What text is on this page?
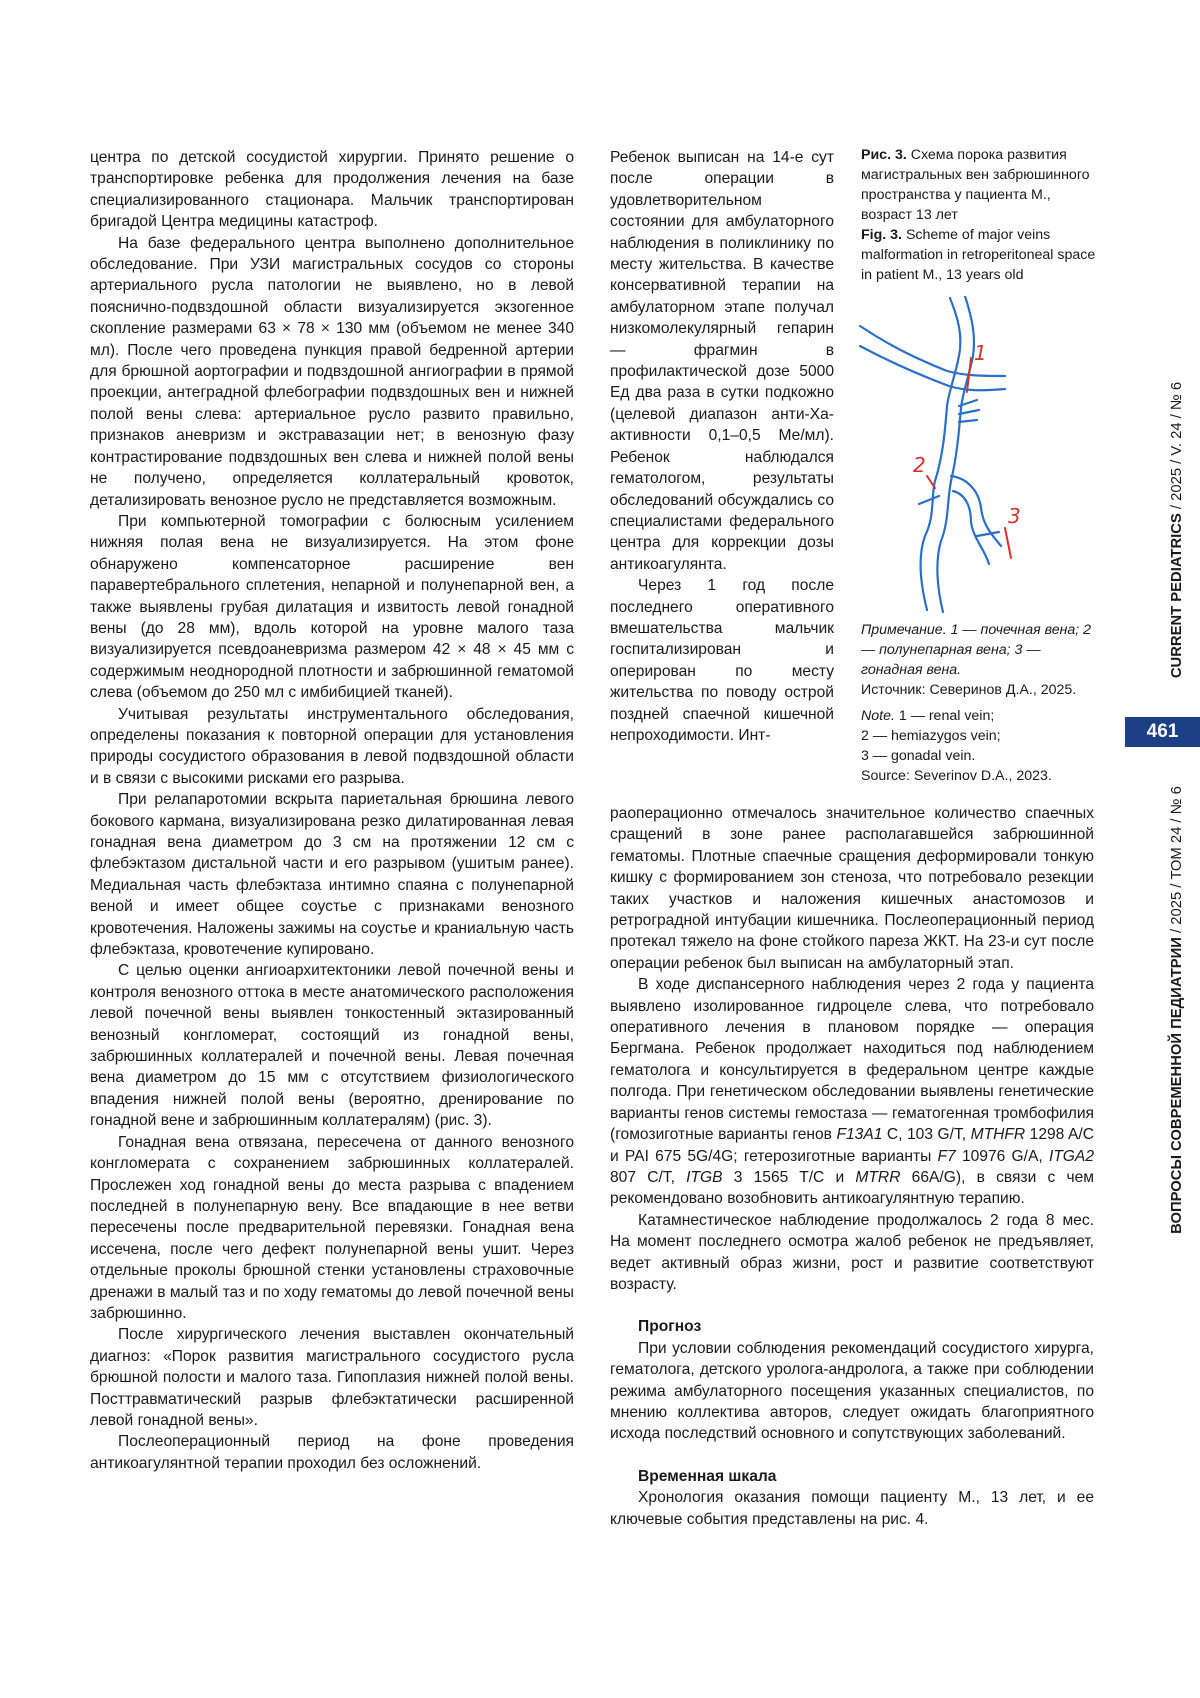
центра по детской сосудистой хирургии. Принято решение о транспортировке ребенка для продолжения лечения на базе специализированного стационара. Мальчик транспортирован бригадой Центра медицины катастроф.

На базе федерального центра выполнено дополнительное обследование. При УЗИ магистральных сосудов со стороны артериального русла патологии не выявлено, но в левой пояснично-подвздошной области визуализируется экзогенное скопление размерами 63 × 78 × 130 мм (объемом не менее 340 мл). После чего проведена пункция правой бедренной артерии для брюшной аортографии и подвздошной ангиографии в прямой проекции, антеградной флебографии подвздошных вен и нижней полой вены слева: артериальное русло развито правильно, признаков аневризм и экстравазации нет; в венозную фазу контрастирование подвздошных вен слева и нижней полой вены не получено, определяется коллатеральный кровоток, детализировать венозное русло не представляется возможным.

При компьютерной томографии с болюсным усилением нижняя полая вена не визуализируется. На этом фоне обнаружено компенсаторное расширение вен паравертебрального сплетения, непарной и полунепарной вен, а также выявлены грубая дилатация и извитость левой гонадной вены (до 28 мм), вдоль которой на уровне малого таза визуализируется псевдоаневризма размером 42 × 48 × 45 мм с содержимым неоднородной плотности и забрюшинной гематомой слева (объемом до 250 мл с имбибицией тканей).

Учитывая результаты инструментального обследования, определены показания к повторной операции для установления природы сосудистого образования в левой подвздошной области и в связи с высокими рисками его разрыва.

При релапаротомии вскрыта париетальная брюшина левого бокового кармана, визуализирована резко дилатированная левая гонадная вена диаметром до 3 см на протяжении 12 см с флебэктазом дистальной части и его разрывом (ушитым ранее). Медиальная часть флебэктаза интимно спаяна с полунепарной веной и имеет общее соустье с признаками венозного кровотечения. Наложены зажимы на соустье и краниальную часть флебэктаза, кровотечение купировано.

С целью оценки ангиоархитектоники левой почечной вены и контроля венозного оттока в месте анатомического расположения левой почечной вены выявлен тонкостенный эктазированный венозный конгломерат, состоящий из гонадной вены, забрюшинных коллатералей и почечной вены. Левая почечная вена диаметром до 15 мм с отсутствием физиологического впадения нижней полой вены (вероятно, дренирование по гонадной вене и забрюшинным коллатералям) (рис. 3).

Гонадная вена отвязана, пересечена от данного венозного конгломерата с сохранением забрюшинных коллатералей. Прослежен ход гонадной вены до места разрыва с впадением последней в полунепарную вену. Все впадающие в нее ветви пересечены после предварительной перевязки. Гонадная вена иссечена, после чего дефект полунепарной вены ушит. Через отдельные проколы брюшной стенки установлены страховочные дренажи в малый таз и по ходу гематомы до левой почечной вены забрюшинно.

После хирургического лечения выставлен окончательный диагноз: «Порок развития магистрального сосудистого русла брюшной полости и малого таза. Гипоплазия нижней полой вены. Посттравматический разрыв флебэктатически расширенной левой гонадной вены».

Послеоперационный период на фоне проведения антикоагулянтной терапии проходил без осложнений.

Ребенок выписан на 14-е сут после операции в удовлетворительном состоянии для амбулаторного наблюдения в поликлинику по месту жительства. В качестве консервативной терапии на амбулаторном этапе получал низкомолекулярный гепарин — фрагмин в профилактической дозе 5000 Ед два раза в сутки подкожно (целевой диапазон анти-Ха-активности 0,1–0,5 Ме/мл). Ребенок наблюдался гематологом, результаты обследований обсуждались со специалистами федерального центра для коррекции дозы антикоагулянта.

Через 1 год после последнего оперативного вмешательства мальчик госпитализирован и оперирован по месту жительства по поводу острой поздней спаечной кишечной непроходимости. Инт-

Рис. 3. Схема порока развития магистральных вен забрюшинного пространства у пациента М., возраст 13 лет

Fig. 3. Scheme of major veins malformation in retroperitoneal space in patient M., 13 years old

1
2
3

Примечание. 1 — почечная вена; 2 — полунепарная вена; 3 — гонадная вена.

Источник: Северинов Д.А., 2025.

Note. 1 — renal vein;

2 — hemiazygos vein;

3 — gonadal vein.

Source: Severinov D.A., 2023.

раоперационно отмечалось значительное количество спаечных сращений в зоне ранее располагавшейся забрюшинной гематомы. Плотные спаечные сращения деформировали тонкую кишку с формированием зон стеноза, что потребовало резекции таких участков и наложения кишечных анастомозов и ретроградной интубации кишечника. Послеоперационный период протекал тяжело на фоне стойкого пареза ЖКТ. На 23-и сут после операции ребенок был выписан на амбулаторный этап.

В ходе диспансерного наблюдения через 2 года у пациента выявлено изолированное гидроцеле слева, что потребовало оперативного лечения в плановом порядке — операция Бергмана. Ребенок продолжает находиться под наблюдением гематолога и консультируется в федеральном центре каждые полгода. При генетическом обследовании выявлены генетические варианты генов системы гемостаза — гематогенная тромбофилия (гомозиготные варианты генов F13A1 C, 103 G/T, MTHFR 1298 A/C и PAI 675 5G/4G; гетерозиготные варианты F7 10976 G/A, ITGA2 807 C/T, ITGB 3 1565 T/C и MTRR 66A/G), в связи с чем рекомендовано возобновить антикоагулянтную терапию.

Катамнестическое наблюдение продолжалось 2 года 8 мес. На момент последнего осмотра жалоб ребенок не предъявляет, ведет активный образ жизни, рост и развитие соответствуют возрасту.

Прогноз

При условии соблюдения рекомендаций сосудистого хирурга, гематолога, детского уролога-андролога, а также при соблюдении режима амбулаторного посещения указанных специалистов, по мнению коллектива авторов, следует ожидать благоприятного исхода последствий основного и сопутствующих заболеваний.

Временная шкала

Хронология оказания помощи пациенту М., 13 лет, и ее ключевые события представлены на рис. 4.

CURRENT PEDIATRICS / 2025 / V. 24 / № 6
ВОПРОСЫ СОВРЕМЕННОЙ ПЕДИАТРИИ / 2025 / ТОМ 24 / № 6
461
